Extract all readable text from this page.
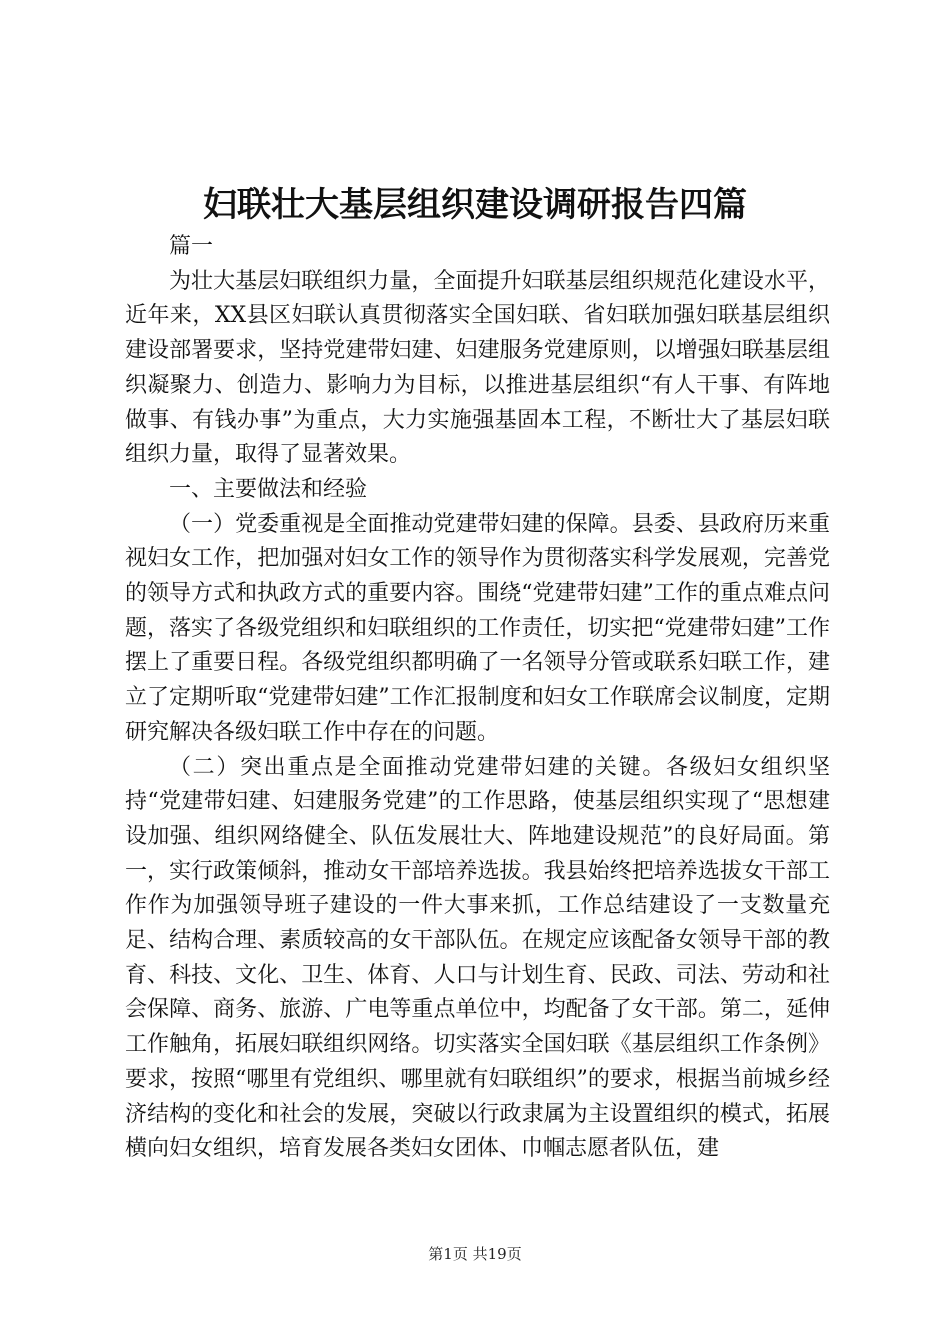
妇联壮大基层组织建设调研报告四篇

篇一

为壮大基层妇联组织力量，全面提升妇联基层组织规范化建设水平，近年来，XX县区妇联认真贯彻落实全国妇联、省妇联加强妇联基层组织建设部署要求，坚持党建带妇建、妇建服务党建原则，以增强妇联基层组织凝聚力、创造力、影响力为目标，以推进基层组织“有人干事、有阵地做事、有钱办事”为重点，大力实施强基固本工程，不断壮大了基层妇联组织力量，取得了显著效果。

一、主要做法和经验

（一）党委重视是全面推动党建带妇建的保障。县委、县政府历来重视妇女工作，把加强对妇女工作的领导作为贯彻落实科学发展观，完善党的领导方式和执政方式的重要内容。围绕“党建带妇建”工作的重点难点问题，落实了各级党组织和妇联组织的工作责任，切实把“党建带妇建”工作摆上了重要日程。各级党组织都明确了一名领导分管或联系妇联工作，建立了定期听取“党建带妇建”工作汇报制度和妇女工作联席会议制度，定期研究解决各级妇联工作中存在的问题。

（二）突出重点是全面推动党建带妇建的关键。各级妇女组织坚持“党建带妇建、妇建服务党建”的工作思路，使基层组织实现了“思想建设加强、组织网络健全、队伍发展壮大、阵地建设规范”的良好局面。第一，实行政策倾斜，推动女干部培养选拔。我县始终把培养选拔女干部工作作为加强领导班子建设的一件大事来抓，工作总结建设了一支数量充足、结构合理、素质较高的女干部队伍。在规定应该配备女领导干部的教育、科技、文化、卫生、体育、人口与计划生育、民政、司法、劳动和社会保障、商务、旅游、广电等重点单位中，均配备了女干部。第二，延伸工作触角，拓展妇联组织网络。切实落实全国妇联《基层组织工作条例》要求，按照“哪里有党组织、哪里就有妇联组织”的要求，根据当前城乡经济结构的变化和社会的发展，突破以行政隶属为主设置组织的模式，拓展横向妇女组织，培育发展各类妇女团体、巾帼志愿者队伍，建

第1页 共19页
